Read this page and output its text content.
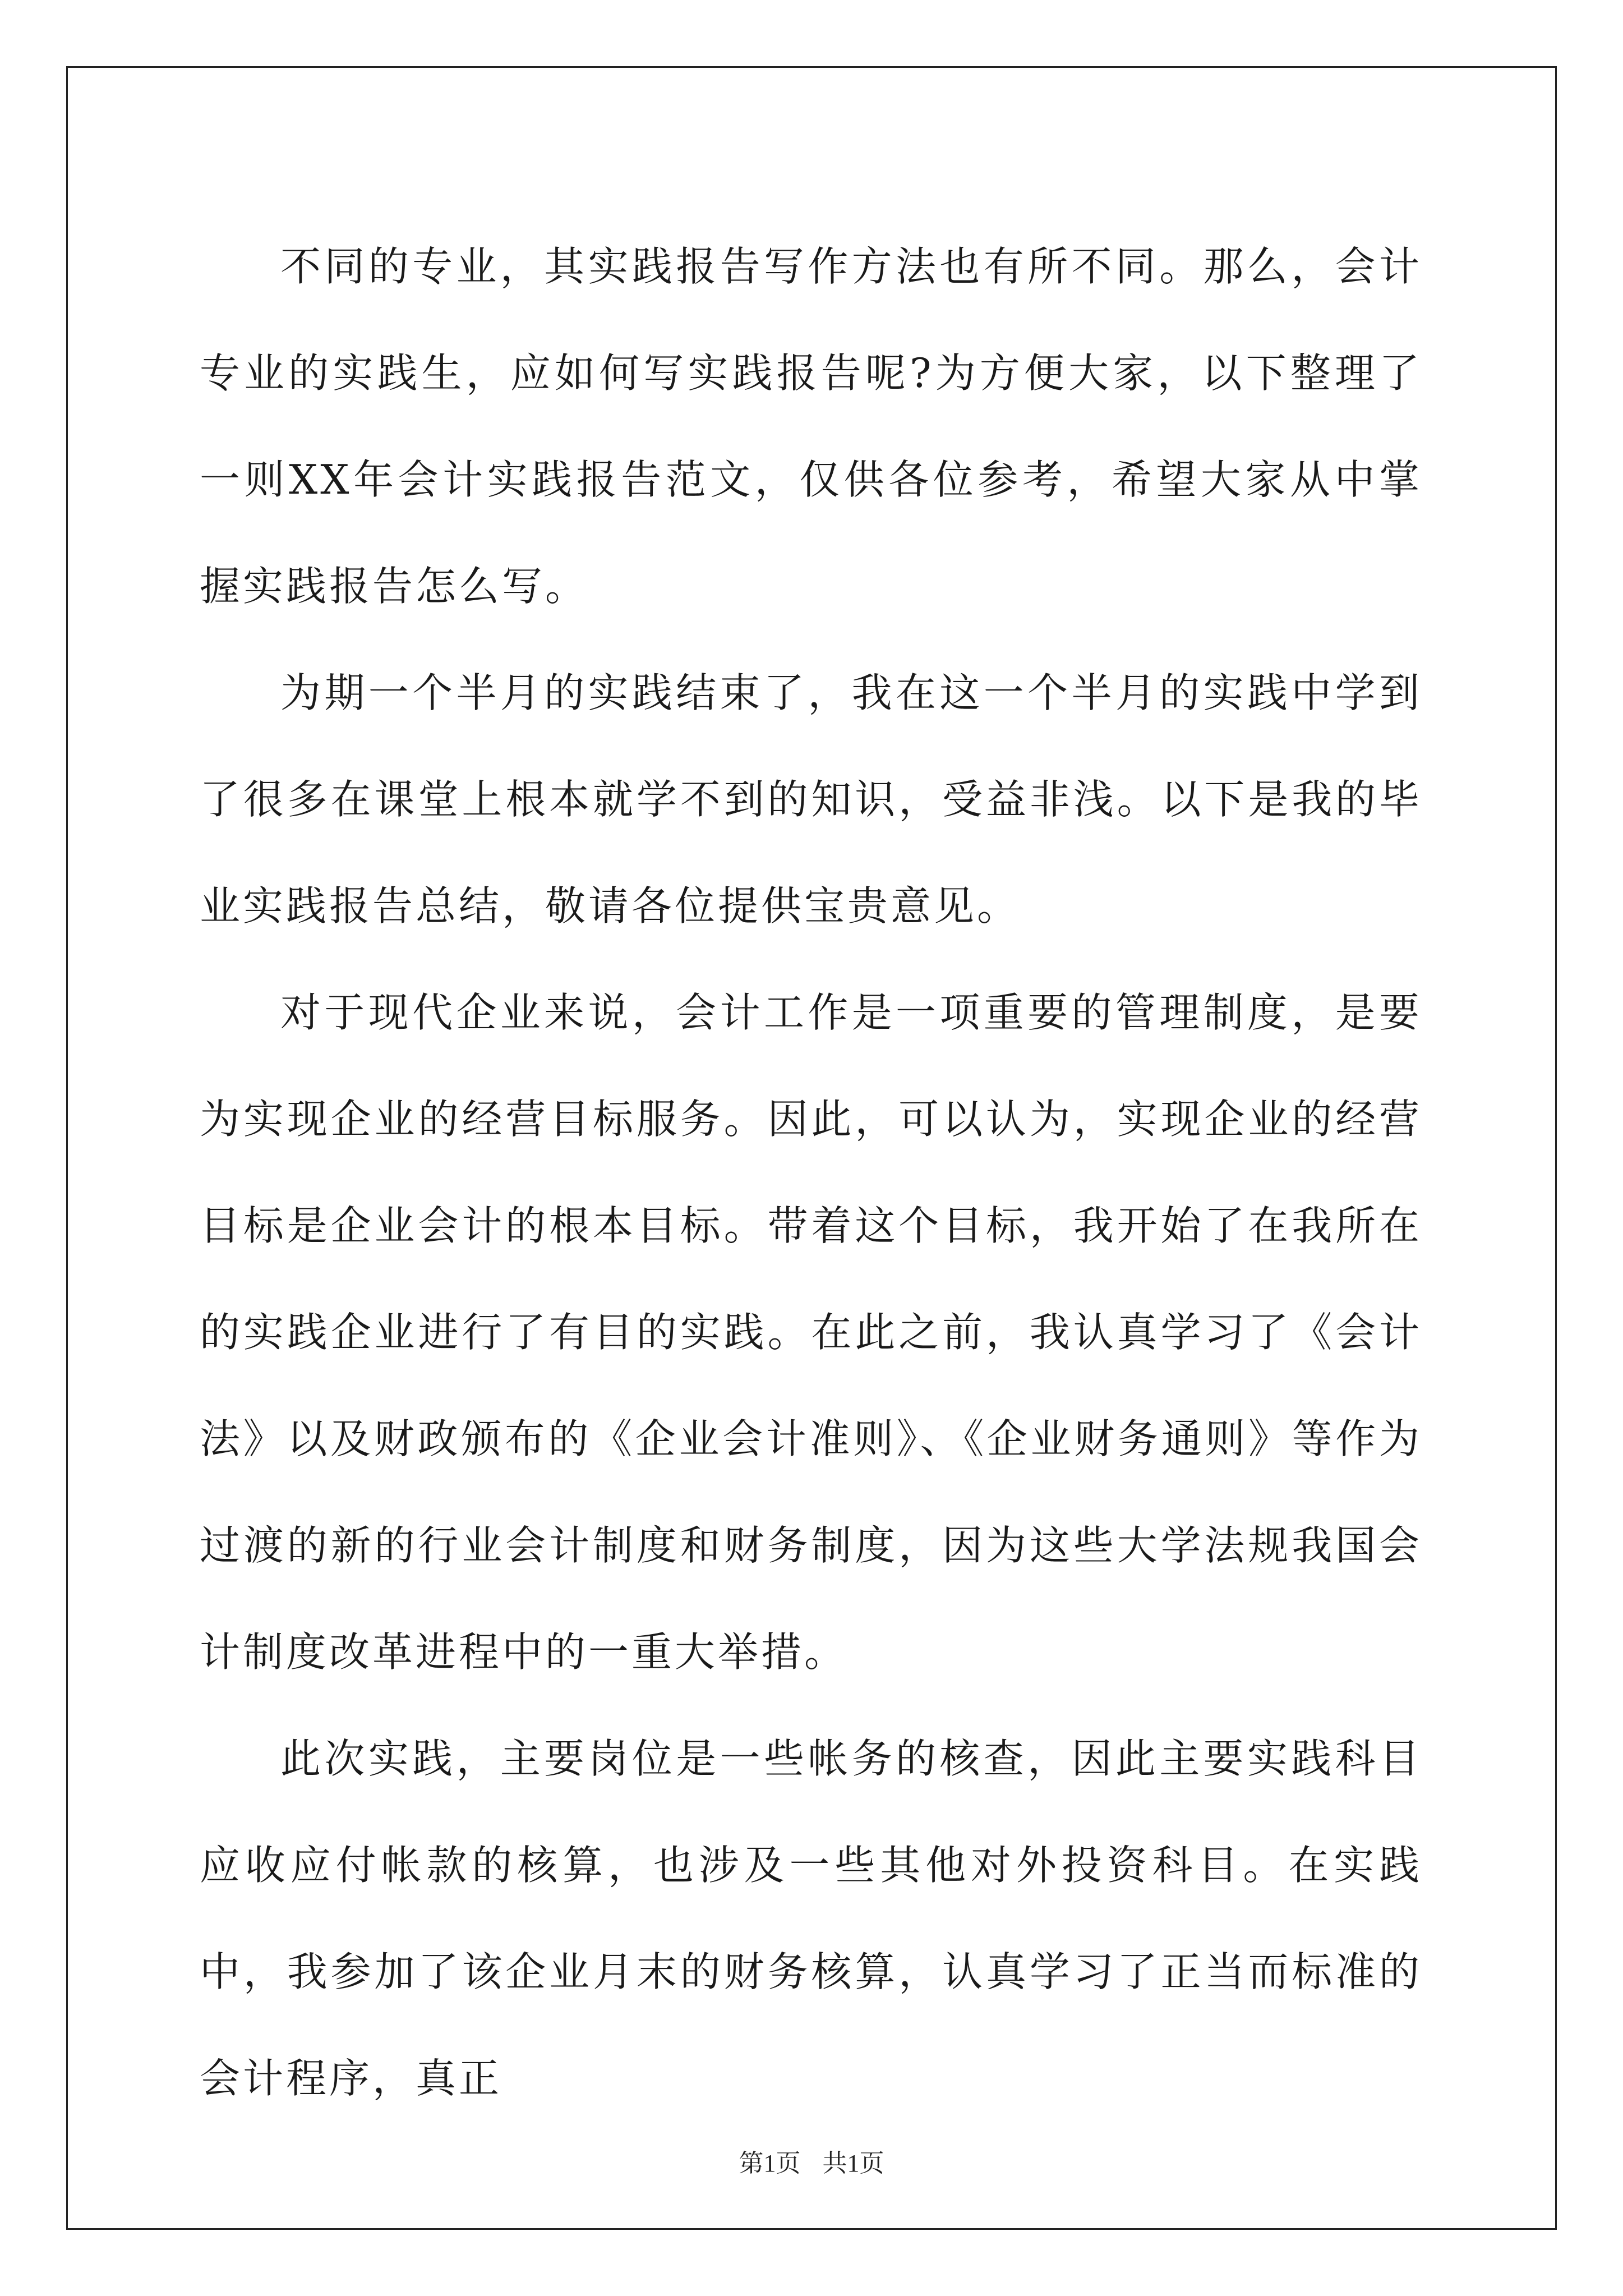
不同的专业，其实践报告写作方法也有所不同。那么，会计专业的实践生，应如何写实践报告呢?为方便大家，以下整理了一则XX年会计实践报告范文，仅供各位参考，希望大家从中掌握实践报告怎么写。

为期一个半月的实践结束了，我在这一个半月的实践中学到了很多在课堂上根本就学不到的知识，受益非浅。以下是我的毕业实践报告总结，敬请各位提供宝贵意见。

对于现代企业来说，会计工作是一项重要的管理制度，是要为实现企业的经营目标服务。因此，可以认为，实现企业的经营目标是企业会计的根本目标。带着这个目标，我开始了在我所在的实践企业进行了有目的实践。在此之前，我认真学习了《会计法》以及财政颁布的《企业会计准则》、《企业财务通则》等作为过渡的新的行业会计制度和财务制度，因为这些大学法规我国会计制度改革进程中的一重大举措。

此次实践，主要岗位是一些帐务的核查，因此主要实践科目应收应付帐款的核算，也涉及一些其他对外投资科目。在实践中，我参加了该企业月末的财务核算，认真学习了正当而标准的会计程序，真正

第1页 共1页
